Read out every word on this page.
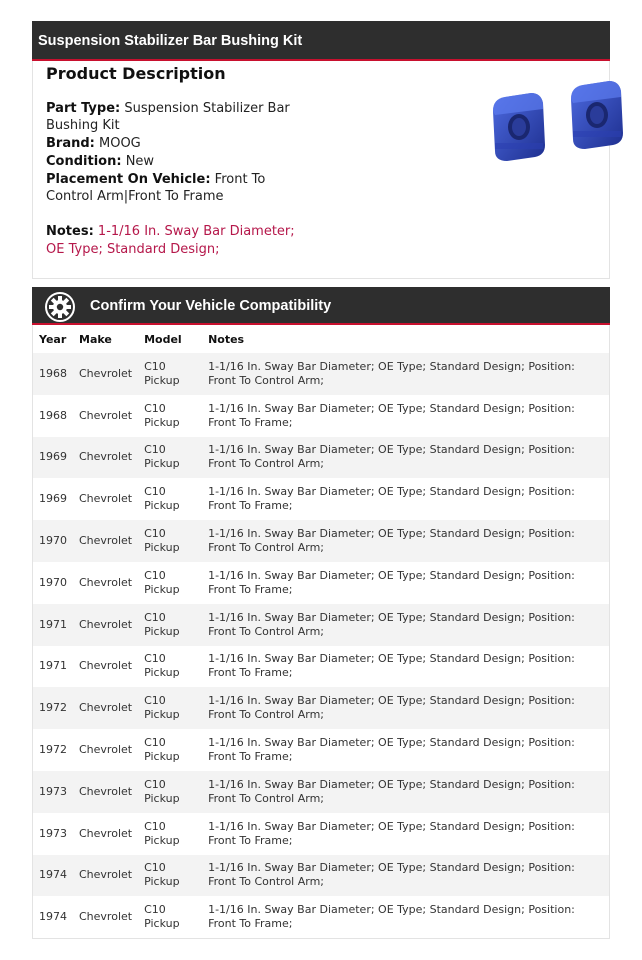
Suspension Stabilizer Bar Bushing Kit
Product Description

Part Type: Suspension Stabilizer Bar Bushing Kit

Brand: MOOG

Condition: New

Placement On Vehicle: Front To Control Arm|Front To Frame

Notes: 1-1/16 In. Sway Bar Diameter; OE Type; Standard Design;

Confirm Your Vehicle Compatibility
Year	Make	Model	Notes
1968	Chevrolet	C10 Pickup	1-1/16 In. Sway Bar Diameter; OE Type; Standard Design; Position: Front To Control Arm;
1968	Chevrolet	C10 Pickup	1-1/16 In. Sway Bar Diameter; OE Type; Standard Design; Position: Front To Frame;
1969	Chevrolet	C10 Pickup	1-1/16 In. Sway Bar Diameter; OE Type; Standard Design; Position: Front To Control Arm;
1969	Chevrolet	C10 Pickup	1-1/16 In. Sway Bar Diameter; OE Type; Standard Design; Position: Front To Frame;
1970	Chevrolet	C10 Pickup	1-1/16 In. Sway Bar Diameter; OE Type; Standard Design; Position: Front To Control Arm;
1970	Chevrolet	C10 Pickup	1-1/16 In. Sway Bar Diameter; OE Type; Standard Design; Position: Front To Frame;
1971	Chevrolet	C10 Pickup	1-1/16 In. Sway Bar Diameter; OE Type; Standard Design; Position: Front To Control Arm;
1971	Chevrolet	C10 Pickup	1-1/16 In. Sway Bar Diameter; OE Type; Standard Design; Position: Front To Frame;
1972	Chevrolet	C10 Pickup	1-1/16 In. Sway Bar Diameter; OE Type; Standard Design; Position: Front To Control Arm;
1972	Chevrolet	C10 Pickup	1-1/16 In. Sway Bar Diameter; OE Type; Standard Design; Position: Front To Frame;
1973	Chevrolet	C10 Pickup	1-1/16 In. Sway Bar Diameter; OE Type; Standard Design; Position: Front To Control Arm;
1973	Chevrolet	C10 Pickup	1-1/16 In. Sway Bar Diameter; OE Type; Standard Design; Position: Front To Frame;
1974	Chevrolet	C10 Pickup	1-1/16 In. Sway Bar Diameter; OE Type; Standard Design; Position: Front To Control Arm;
1974	Chevrolet	C10 Pickup	1-1/16 In. Sway Bar Diameter; OE Type; Standard Design; Position: Front To Frame;
